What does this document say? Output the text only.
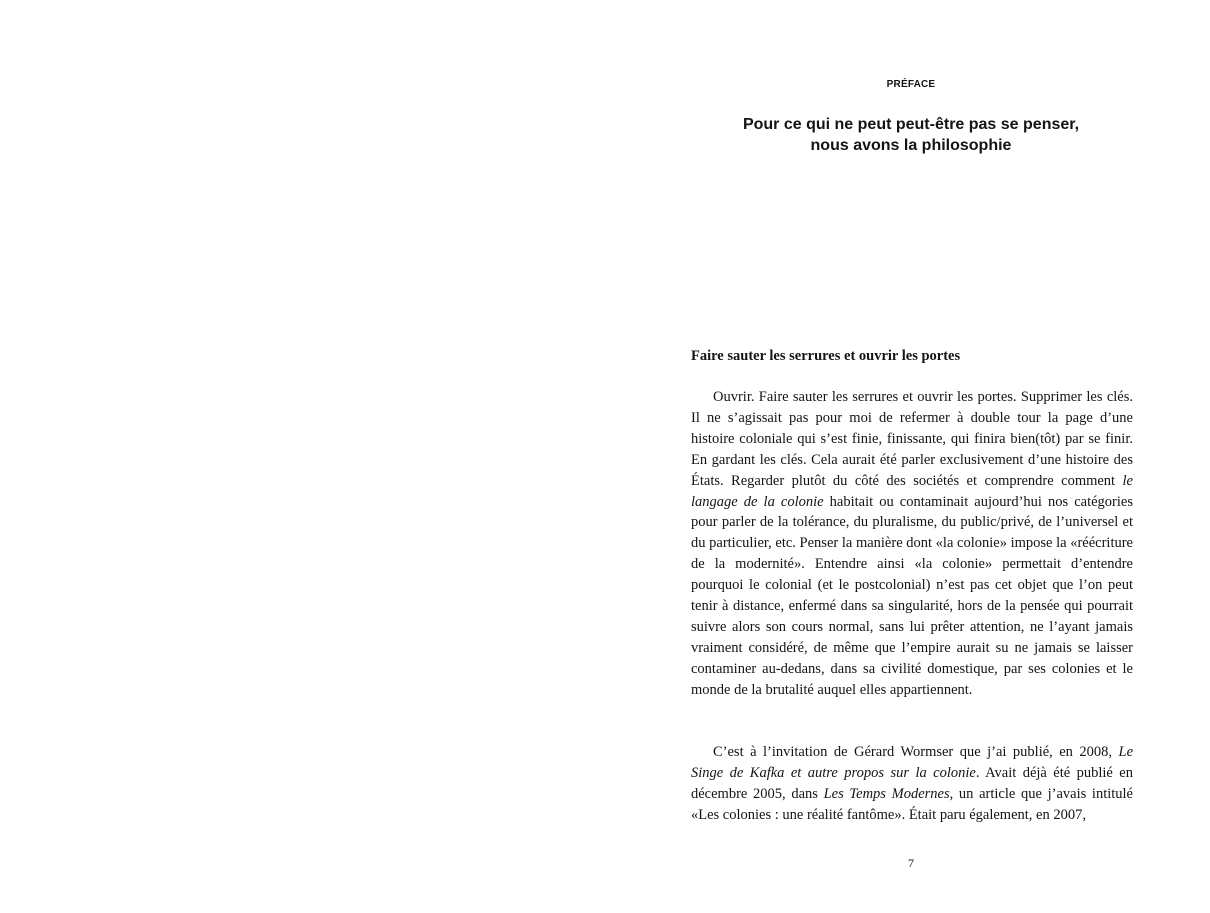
PRÉFACE

Pour ce qui ne peut peut-être pas se penser,
nous avons la philosophie
Faire sauter les serrures et ouvrir les portes

Ouvrir. Faire sauter les serrures et ouvrir les portes. Supprimer les clés. Il ne s’agissait pas pour moi de refermer à double tour la page d’une histoire coloniale qui s’est finie, finissante, qui finira bien(tôt) par se finir. En gardant les clés. Cela aurait été parler exclusivement d’une histoire des États. Regarder plutôt du côté des sociétés et comprendre comment le langage de la colonie habitait ou contaminait aujourd’hui nos catégories pour parler de la tolérance, du pluralisme, du public/privé, de l’universel et du particulier, etc. Penser la manière dont «la colonie» impose la «réécriture de la modernité». Entendre ainsi «la colonie» permettait d’entendre pourquoi le colonial (et le postcolonial) n’est pas cet objet que l’on peut tenir à distance, enfermé dans sa singularité, hors de la pensée qui pourrait suivre alors son cours normal, sans lui prêter attention, ne l’ayant jamais vraiment considéré, de même que l’empire aurait su ne jamais se laisser contaminer au-dedans, dans sa civilité domestique, par ses colonies et le monde de la brutalité auquel elles appartiennent.

C’est à l’invitation de Gérard Wormser que j’ai publié, en 2008, Le Singe de Kafka et autre propos sur la colonie. Avait déjà été publié en décembre 2005, dans Les Temps Modernes, un article que j’avais intitulé «Les colonies : une réalité fantôme». Était paru également, en 2007,

7
